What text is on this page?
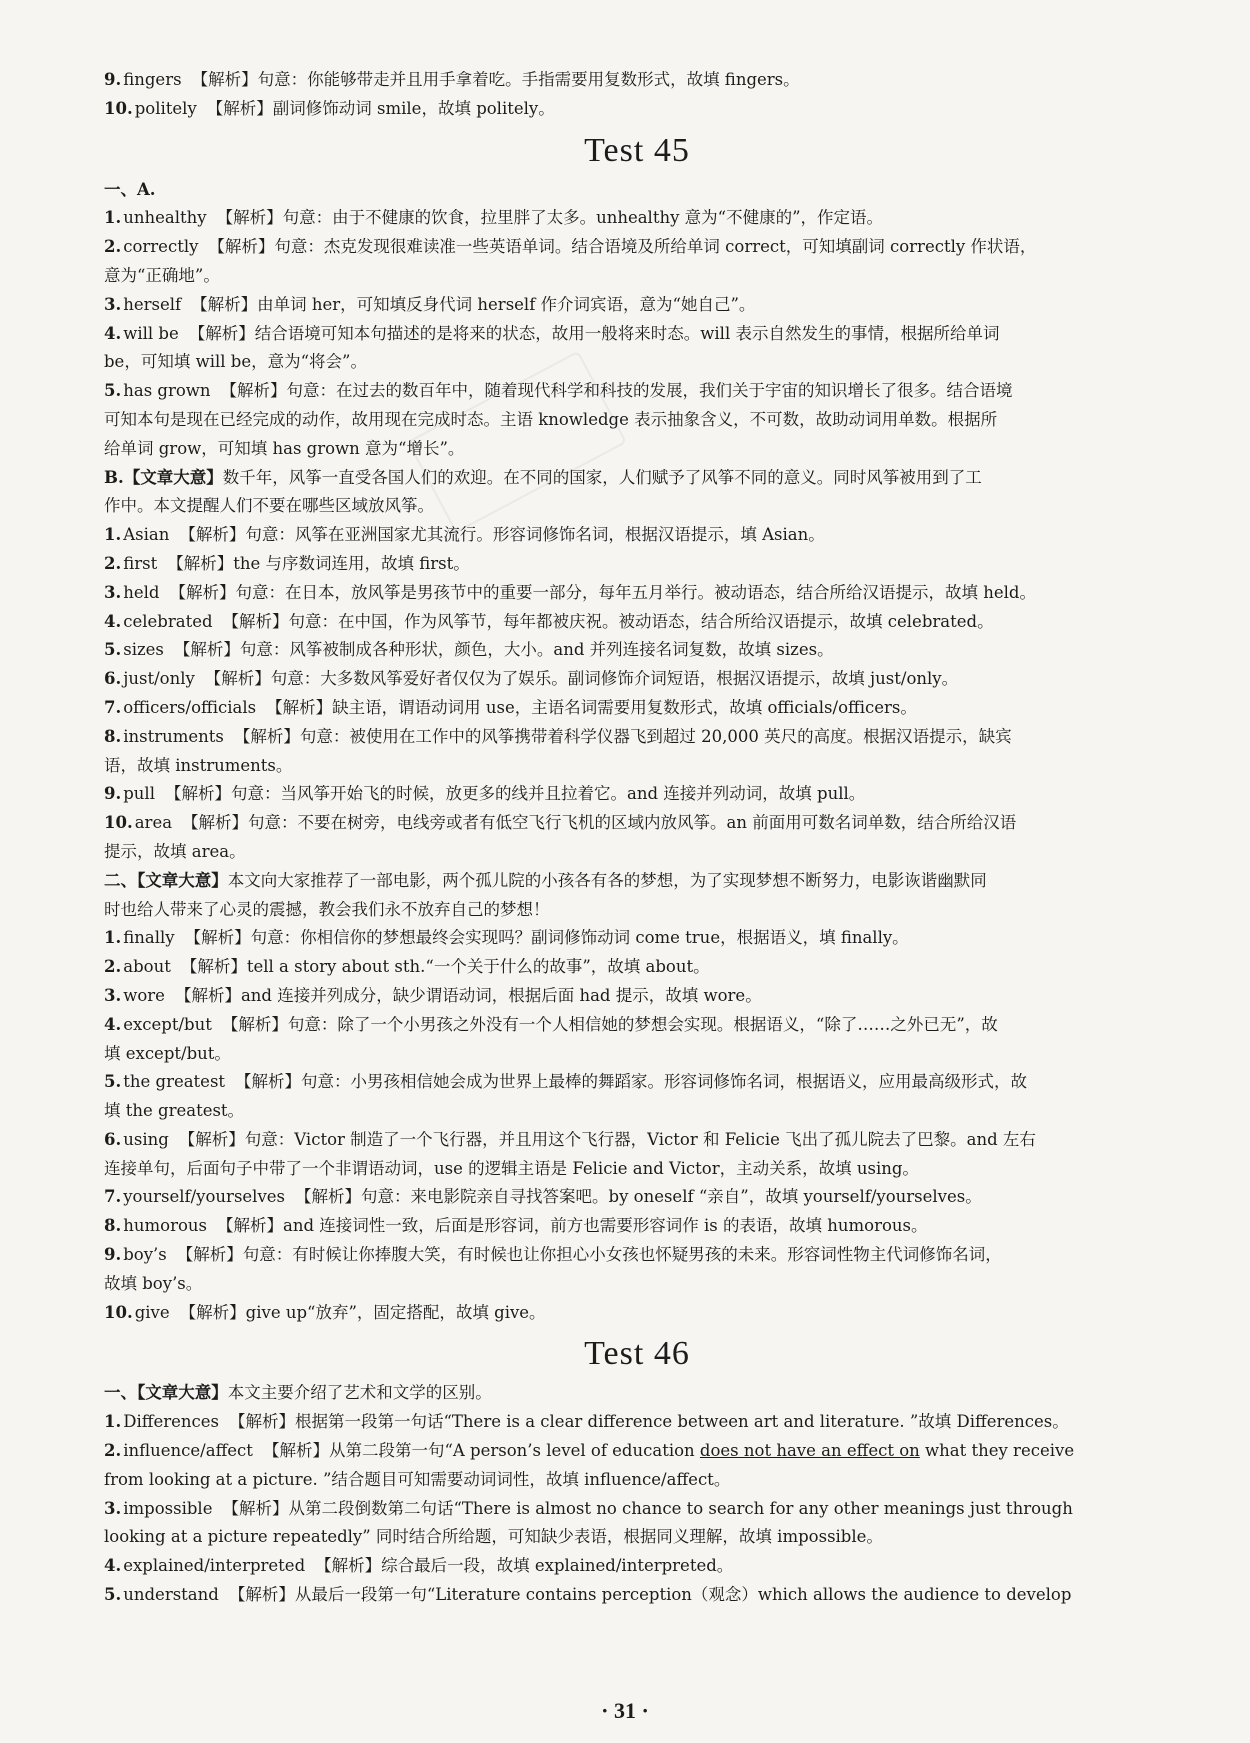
9. fingers 【解析】句意：你能够带走并且用手拿着吃。手指需要用复数形式，故填 fingers。
10. politely 【解析】副词修饰动词 smile，故填 politely。
Test 45
一、A.
1. unhealthy 【解析】句意：由于不健康的饮食，拉里胖了太多。unhealthy 意为“不健康的”，作定语。
2. correctly 【解析】句意：杰克发现很难读准一些英语单词。结合语境及所给单词 correct，可知填副词 correctly 作状语，
意为“正确地”。
3. herself 【解析】由单词 her，可知填反身代词 herself 作介词宾语，意为“她自己”。
4. will be 【解析】结合语境可知本句描述的是将来的状态，故用一般将来时态。will 表示自然发生的事情，根据所给单词
be，可知填 will be，意为“将会”。
5. has grown 【解析】句意：在过去的数百年中，随着现代科学和科技的发展，我们关于宇宙的知识增长了很多。结合语境
可知本句是现在已经完成的动作，故用现在完成时态。主语 knowledge 表示抽象含义，不可数，故助动词用单数。根据所
给单词 grow，可知填 has grown 意为“增长”。
B.【文章大意】数千年，风筝一直受各国人们的欢迎。在不同的国家，人们赋予了风筝不同的意义。同时风筝被用到了工
作中。本文提醒人们不要在哪些区域放风筝。
1. Asian 【解析】句意：风筝在亚洲国家尤其流行。形容词修饰名词，根据汉语提示，填 Asian。
2. first 【解析】the 与序数词连用，故填 first。
3. held 【解析】句意：在日本，放风筝是男孩节中的重要一部分，每年五月举行。被动语态，结合所给汉语提示，故填 held。
4. celebrated 【解析】句意：在中国，作为风筝节，每年都被庆祝。被动语态，结合所给汉语提示，故填 celebrated。
5. sizes 【解析】句意：风筝被制成各种形状，颜色，大小。and 并列连接名词复数，故填 sizes。
6. just/only 【解析】句意：大多数风筝爱好者仅仅为了娱乐。副词修饰介词短语，根据汉语提示，故填 just/only。
7. officers/officials 【解析】缺主语，谓语动词用 use，主语名词需要用复数形式，故填 officials/officers。
8. instruments 【解析】句意：被使用在工作中的风筝携带着科学仪器飞到超过 20,000 英尺的高度。根据汉语提示，缺宾
语，故填 instruments。
9. pull 【解析】句意：当风筝开始飞的时候，放更多的线并且拉着它。and 连接并列动词，故填 pull。
10. area 【解析】句意：不要在树旁，电线旁或者有低空飞行飞机的区域内放风筝。an 前面用可数名词单数，结合所给汉语
提示，故填 area。
二、【文章大意】本文向大家推荐了一部电影，两个孤儿院的小孩各有各的梦想，为了实现梦想不断努力，电影诙谐幽默同
时也给人带来了心灵的震撼，教会我们永不放弃自己的梦想！
1. finally 【解析】句意：你相信你的梦想最终会实现吗？副词修饰动词 come true，根据语义，填 finally。
2. about 【解析】tell a story about sth.“一个关于什么的故事”，故填 about。
3. wore 【解析】and 连接并列成分，缺少谓语动词，根据后面 had 提示，故填 wore。
4. except/but 【解析】句意：除了一个小男孩之外没有一个人相信她的梦想会实现。根据语义，“除了……之外已无”，故
填 except/but。
5. the greatest 【解析】句意：小男孩相信她会成为世界上最棒的舞蹈家。形容词修饰名词，根据语义，应用最高级形式，故
填 the greatest。
6. using 【解析】句意：Victor 制造了一个飞行器，并且用这个飞行器，Victor 和 Felicie 飞出了孤儿院去了巴黎。and 左右
连接单句，后面句子中带了一个非谓语动词，use 的逻辑主语是 Felicie and Victor，主动关系，故填 using。
7. yourself/yourselves 【解析】句意：来电影院亲自寻找答案吧。by oneself “亲自”，故填 yourself/yourselves。
8. humorous 【解析】and 连接词性一致，后面是形容词，前方也需要形容词作 is 的表语，故填 humorous。
9. boy’s 【解析】句意：有时候让你捧腹大笑，有时候也让你担心小女孩也怀疑男孩的未来。形容词性物主代词修饰名词，
故填 boy’s。
10. give 【解析】give up“放弃”，固定搭配，故填 give。
Test 46
一、【文章大意】本文主要介绍了艺术和文学的区别。
1. Differences 【解析】根据第一段第一句话“There is a clear difference between art and literature. ”故填 Differences。
2. influence/affect 【解析】从第二段第一句“A person’s level of education does not have an effect on what they receive
from looking at a picture. ”结合题目可知需要动词词性，故填 influence/affect。
3. impossible 【解析】从第二段倒数第二句话“There is almost no chance to search for any other meanings just through
looking at a picture repeatedly” 同时结合所给题，可知缺少表语，根据同义理解，故填 impossible。
4. explained/interpreted 【解析】综合最后一段，故填 explained/interpreted。
5. understand 【解析】从最后一段第一句“Literature contains perception（观念）which allows the audience to develop
· 31 ·
